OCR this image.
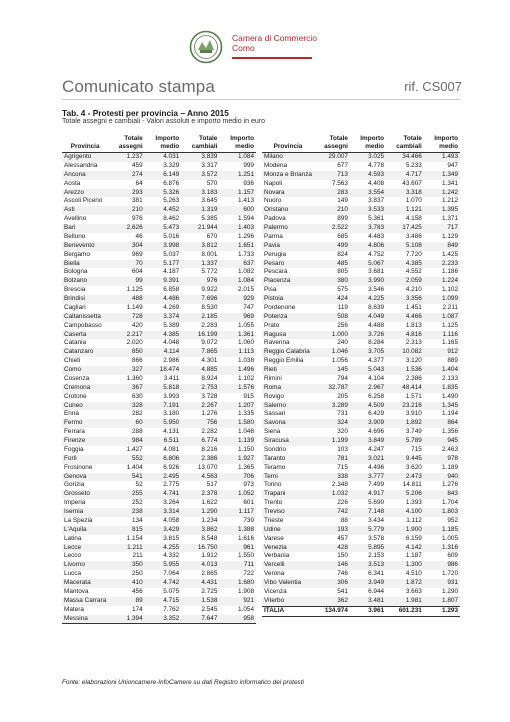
Camera di Commercio
Como
Comunicato stampa	rif. CS007
Tab. 4 - Protesti per provincia – Anno 2015
Totale assegni e cambiali - Valori assoluti e importo medio in euro
Provincia	Totale assegni	Importo medio	Totale cambiali	Importo medio
Agrigento	1.237	4.031	3.839	1.084
Alessandria	459	3.329	3.317	999
Ancona	274	6.149	3.572	1.251
Aosta	64	6.876	570	936
Arezzo	293	5.326	3.183	1.157
Ascoli Piceno	381	5.263	3.645	1.413
Asti	210	4.452	1.319	600
Avellino	976	8.462	5.385	1.594
Bari	2.626	5.473	21.944	1.403
Belluno	46	5.016	670	1.296
Benevento	304	3.998	3.812	1.651
Bergamo	969	5.037	8.001	1.733
Biella	70	5.177	1.337	637
Bologna	604	4.187	5.772	1.082
Bolzano	99	9.391	976	1.084
Brescia	1.125	6.858	9.922	2.015
Brindisi	488	4.486	7.696	929
Cagliari	1.149	4.269	8.530	747
Caltanissetta	728	3.374	2.185	969
Campobasso	420	5.389	2.283	1.055
Caserta	2.217	4.385	16.199	1.361
Catania	2.020	4.048	9.072	1.060
Catanzaro	850	4.114	7.865	1.113
Chieti	866	2.986	4.301	1.038
Como	327	18.474	4.885	1.496
Cosenza	1.360	3.411	8.924	1.102
Cremona	367	5.818	2.753	1.576
Crotone	630	3.993	3.728	915
Cuneo	328	7.191	2.267	1.207
Enna	282	3.180	1.276	1.335
Fermo	60	5.950	756	1.580
Ferrara	288	4.131	2.282	1.048
Firenze	984	6.511	6.774	1.139
Foggia	1.427	4.081	8.216	1.150
Forlì	552	6.806	2.386	1.927
Frosinone	1.404	6.926	13.070	1.365
Genova	541	2.495	4.563	706
Gorizia	52	2.775	517	973
Grosseto	255	4.741	2.378	1.052
Imperia	252	3.264	1.622	601
Isernia	238	3.314	1.290	1.117
La Spezia	134	4.058	1.234	739
L'Aquila	815	3.429	3.862	1.388
Latina	1.154	3.815	8.548	1.616
Lecce	1.211	4.255	16.750	961
Lecco	211	4.332	1.912	1.550
Livorno	350	5.955	4.013	711
Lucca	250	7.064	2.865	722
Macerata	410	4.742	4.431	1.680
Mantova	456	5.075	2.725	1.908
Massa Carrara	89	4.715	1.538	921
Matera	174	7.762	2.545	1.054
Messina	1.394	3.352	7.647	958
Provincia	Totale assegni	Importo medio	Totale cambiali	Importo medio
Milano	29.007	3.025	34.466	1.493
Modena	677	4.778	5.233	947
Monza e Brianza	713	4.593	4.717	1.349
Napoli	7.563	4.408	43.607	1.341
Novara	283	3.554	3.318	1.242
Nuoro	149	3.837	1.070	1.212
Oristano	210	3.533	1.121	1.395
Padova	899	5.361	4.158	1.371
Palermo	2.522	3.783	17.425	717
Parma	685	4.483	3.486	1.129
Pavia	499	4.806	5.108	849
Perugia	824	4.752	7.720	1.425
Pesaro	485	5.067	4.385	2.233
Pescara	805	3.681	4.552	1.186
Piacenza	380	3.990	2.059	1.224
Pisa	575	3.546	4.210	1.102
Pistoia	424	4.225	3.356	1.099
Pordenone	119	8.639	1.451	2.211
Potenza	508	4.049	4.466	1.087
Prato	256	4.488	1.813	1.125
Ragusa	1.000	3.726	4.816	1.116
Ravenna	240	8.284	2.313	1.165
Reggio Calabria	1.046	3.705	10.082	912
Reggio Emilia	1.056	4.377	3.120	889
Rieti	145	5.043	1.536	1.404
Rimini	794	4.104	2.386	2.133
Roma	32.787	2.967	48.414	1.835
Rovigo	205	6.258	1.571	1.490
Salerno	3.289	4.509	23.216	1.345
Sassari	731	6.429	3.910	1.194
Savona	324	3.909	1.892	864
Siena	320	4.696	3.749	1.356
Siracusa	1.199	3.849	5.789	945
Sondrio	103	4.247	715	2.463
Taranto	781	3.021	9.445	978
Teramo	715	4.496	3.620	1.189
Terni	338	3.777	2.473	940
Torino	2.348	7.499	14.811	1.276
Trapani	1.032	4.917	5.206	843
Trento	226	5.690	1.393	1.704
Treviso	742	7.148	4.100	1.803
Trieste	88	3.434	1.112	952
Udine	193	5.779	1.900	1.185
Varese	457	3.578	6.159	1.005
Venezia	428	5.895	4.142	1.316
Verbania	150	2.153	1.187	609
Vercelli	146	3.513	1.300	986
Verona	746	6.341	4.510	1.720
Vibo Valentia	306	3.949	1.872	931
Vicenza	541	6.944	3.663	1.290
Viterbo	362	3.481	1.981	1.807
ITALIA	134.974	3.961	601.231	1.293
Fonte: elaborazioni Unioncamere-InfoCamere su dati Registro informatico dei protesti
